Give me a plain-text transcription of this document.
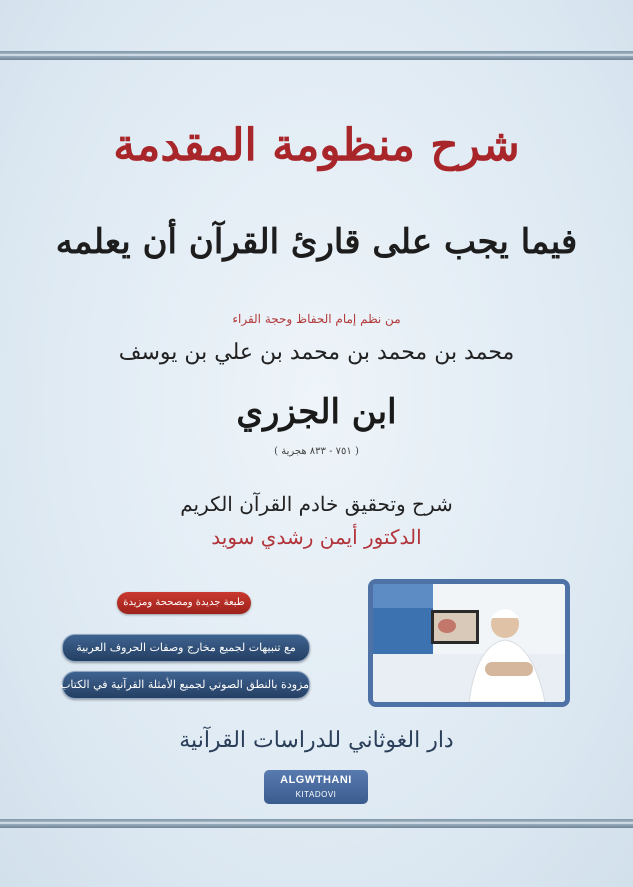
شرح منظومة المقدمة
فيما يجب على قارئ القرآن أن يعلمه
من نظم إمام الحفاظ وحجة القراء
محمد بن محمد بن محمد بن علي بن يوسف
ابن الجزري
( ٧٥١ - ٨٣٣ هجرية )
شرح وتحقيق خادم القرآن الكريم
الدكتور أيمن رشدي سويد
طبعة جديدة ومصححة ومزيدة
مع تنبيهات لجميع مخارج وصفات الحروف العربية
مزودة بالنطق الصوتي لجميع الأمثلة القرآنية في الكتاب
دار الغوثاني للدراسات القرآنية
ALGWTHANI
KITADOVI
